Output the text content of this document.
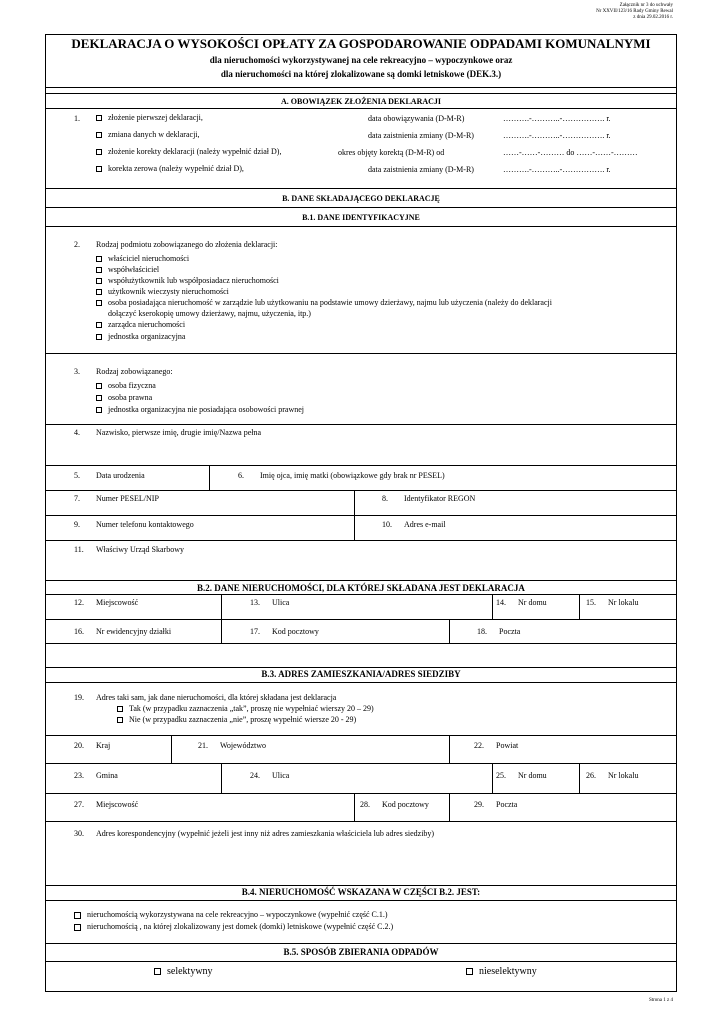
Załącznik nr 3 do uchwały
Nr XXVII/123/16 Rady Gminy Rewal
z dnia 29.02.2016 r.
DEKLARACJA O WYSOKOŚCI OPŁATY ZA GOSPODAROWANIE ODPADAMI KOMUNALNYMI
dla nieruchomości wykorzystywanej na cele rekreacyjno – wypoczynkowe oraz
dla nieruchomości na której zlokalizowane są domki letniskowe (DEK.3.)
A. OBOWIĄZEK ZŁOŻENIA DEKLARACJI
1.	złożenie pierwszej deklaracji,	data obowiązywania (D-M-R)	……….-………..-……………. r.
zmiana danych w deklaracji,	data zaistnienia zmiany (D-M-R)	……….-………..-……………. r.
złożenie korekty deklaracji (należy wypełnić dział D),	okres objęty korektą (D-M-R) od	……-……-……… do ……-……-………
korekta zerowa (należy wypełnić dział D),	data zaistnienia zmiany (D-M-R)	……….-………..-……………. r.
B. DANE SKŁADAJĄCEGO DEKLARACJĘ
B.1. DANE IDENTYFIKACYJNE
2. Rodzaj podmiotu zobowiązanego do złożenia deklaracji:
właściciel nieruchomości
współwłaściciel
współużytkownik lub współposiadacz nieruchomości
użytkownik wieczysty nieruchomości
osoba posiadająca nieruchomość w zarządzie lub użytkowaniu na podstawie umowy dzierżawy, najmu lub użyczenia (należy do deklaracji
dołączyć kserokopię umowy dzierżawy, najmu, użyczenia, itp.)
zarządca nieruchomości
jednostka organizacyjna
3. Rodzaj zobowiązanego:
osoba fizyczna
osoba prawna
jednostka organizacyjna nie posiadająca osobowości prawnej
4. Nazwisko, pierwsze imię, drugie imię/Nazwa pełna
5. Data urodzenia	6. Imię ojca, imię matki (obowiązkowe gdy brak nr PESEL)
7. Numer PESEL/NIP	8. Identyfikator REGON
9. Numer telefonu kontaktowego	10. Adres e-mail
11. Właściwy Urząd Skarbowy
B.2. DANE NIERUCHOMOŚCI, DLA KTÓREJ SKŁADANA JEST DEKLARACJA
12. Miejscowość	13. Ulica	14. Nr domu	15. Nr lokalu
16. Nr ewidencyjny działki	17. Kod pocztowy	18. Poczta
B.3. ADRES ZAMIESZKANIA/ADRES SIEDZIBY
19. Adres taki sam, jak dane nieruchomości, dla której składana jest deklaracja
Tak (w przypadku zaznaczenia „tak”, proszę nie wypełniać wierszy 20 – 29)
Nie (w przypadku zaznaczenia „nie”, proszę wypełnić wiersze 20 - 29)
20. Kraj	21. Województwo	22. Powiat
23. Gmina	24. Ulica	25. Nr domu	26. Nr lokalu
27. Miejscowość	28. Kod pocztowy	29. Poczta
30. Adres korespondencyjny (wypełnić jeżeli jest inny niż adres zamieszkania właściciela lub adres siedziby)
B.4. NIERUCHOMOŚĆ WSKAZANA W CZĘŚCI B.2. JEST:
nieruchomością wykorzystywana na cele rekreacyjno – wypoczynkowe (wypełnić część C.1.)
nieruchomością , na której zlokalizowany jest domek (domki) letniskowe (wypełnić część C.2.)
B.5. SPOSÓB ZBIERANIA ODPADÓW
selektywny	nieselektywny
Strona 1 z 4
